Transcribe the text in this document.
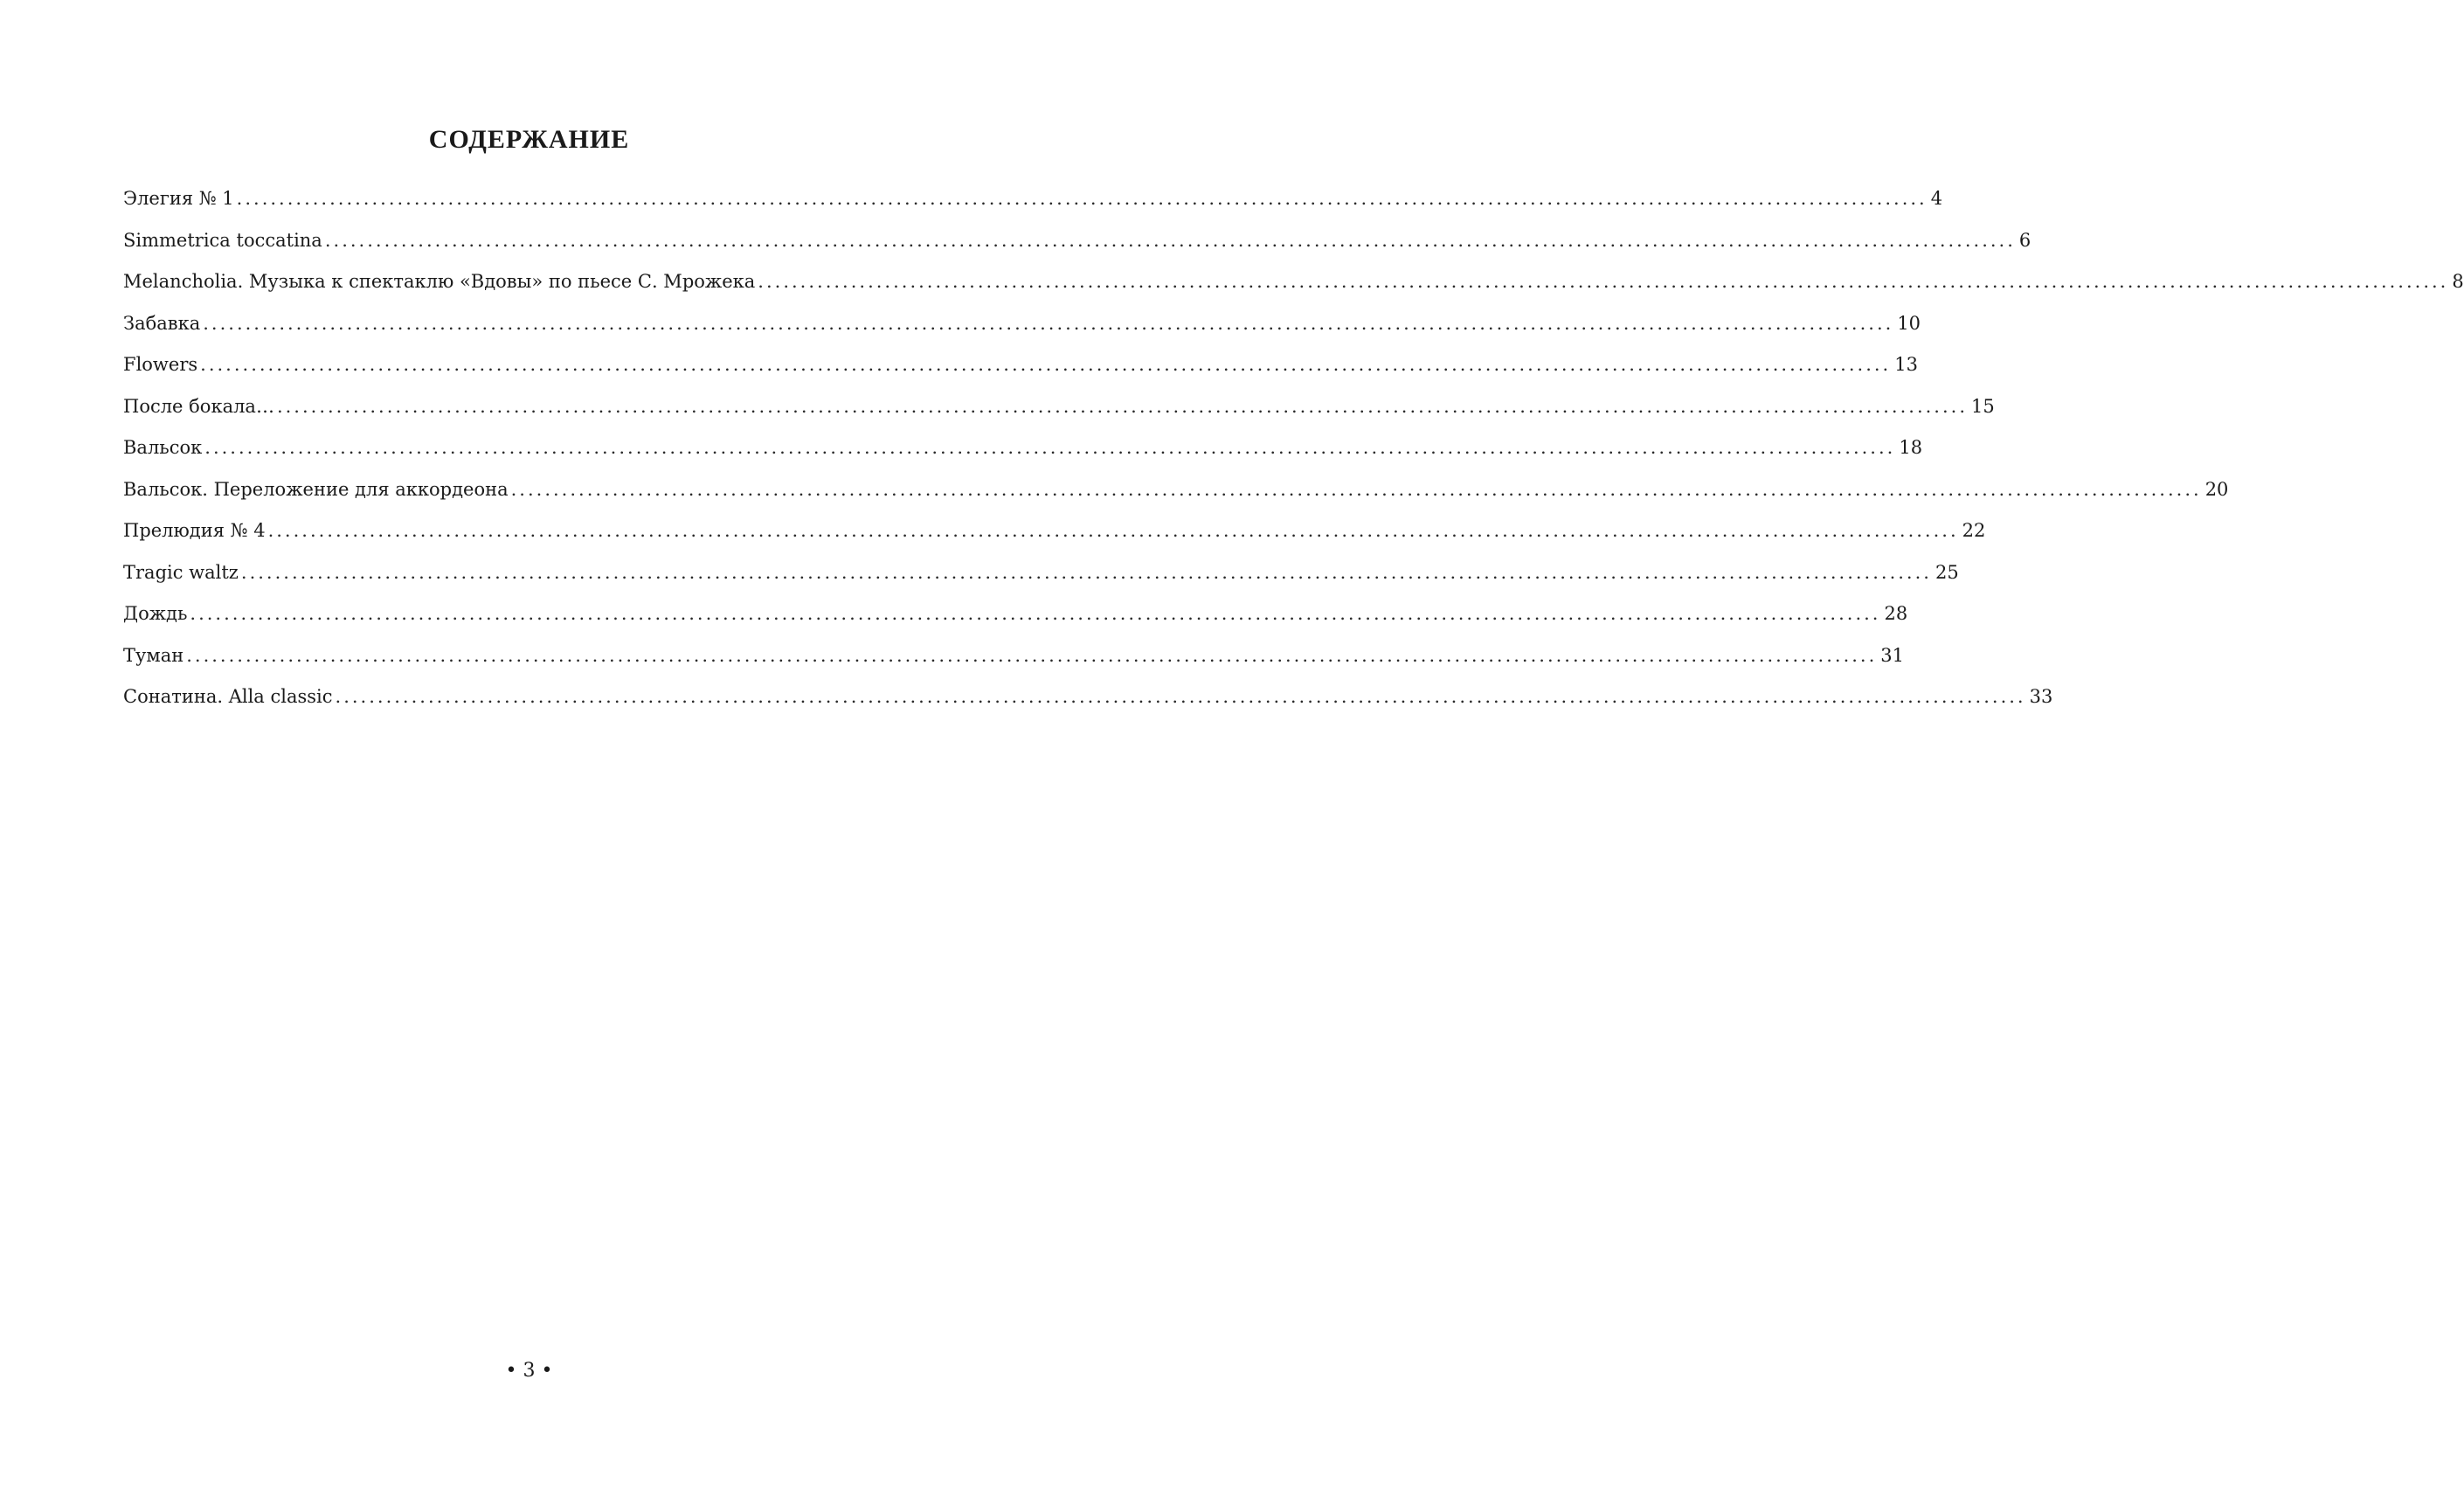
СОДЕРЖАНИЕ
Элегия № 1 ........................................................................................................................................................................................................ 4
Simmetrica toccatina ........................................................................................................................................................................................................ 6
Melancholia. Музыка к спектаклю «Вдовы» по пьесе С. Мрожека ........................................................................................................................................................................................................ 8
Забавка ........................................................................................................................................................................................................ 10
Flowers ........................................................................................................................................................................................................ 13
После бокала… ........................................................................................................................................................................................................ 15
Вальсок ........................................................................................................................................................................................................ 18
Вальсок. Переложение для аккордеона ........................................................................................................................................................................................................ 20
Прелюдия № 4 ........................................................................................................................................................................................................ 22
Tragic waltz ........................................................................................................................................................................................................ 25
Дождь ........................................................................................................................................................................................................ 28
Туман ........................................................................................................................................................................................................ 31
Сонатина. Alla classic ........................................................................................................................................................................................................ 33
• 3 •
